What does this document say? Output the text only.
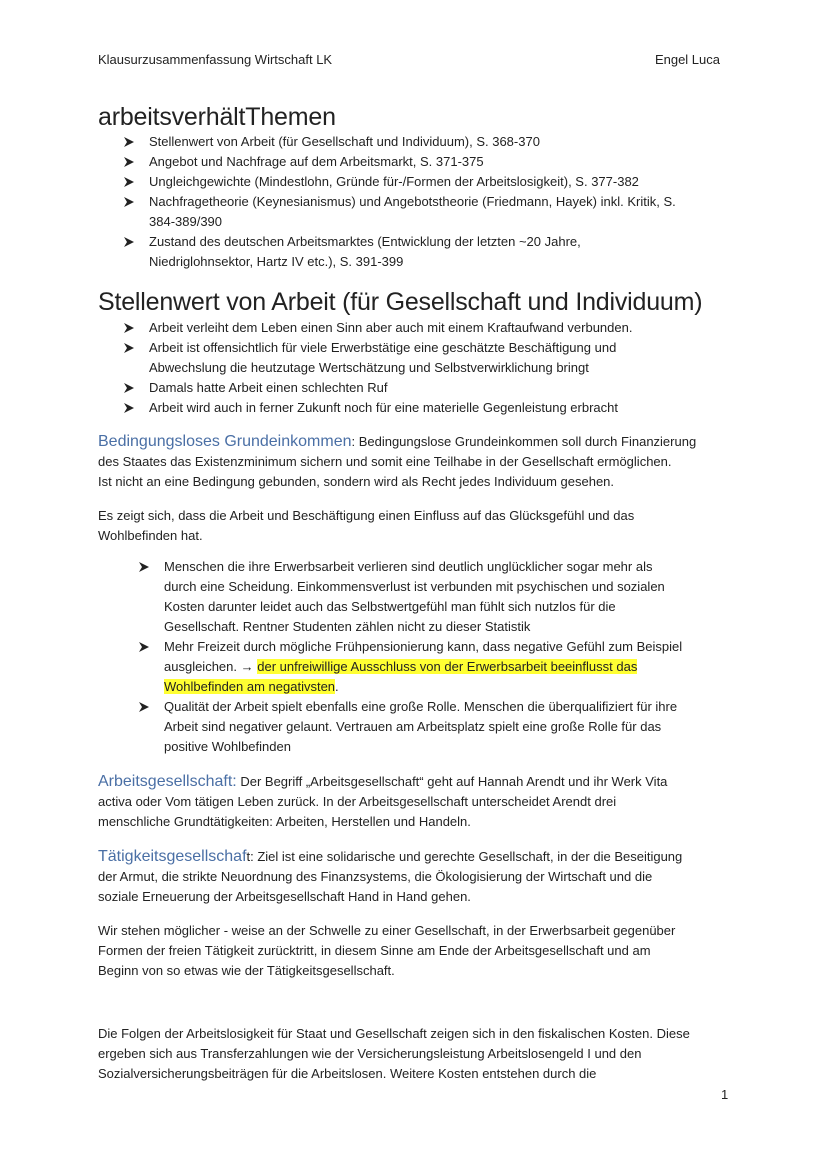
Klausurzusammenfassung Wirtschaft LK	Engel Luca
arbeitsverhältThemen
Stellenwert von Arbeit (für Gesellschaft und Individuum), S. 368-370
Angebot und Nachfrage auf dem Arbeitsmarkt, S. 371-375
Ungleichgewichte (Mindestlohn, Gründe für-/Formen der Arbeitslosigkeit), S. 377-382
Nachfragetheorie (Keynesianismus) und Angebotstheorie (Friedmann, Hayek) inkl. Kritik, S.
384-389/390
Zustand des deutschen Arbeitsmarktes (Entwicklung der letzten ~20 Jahre,
Niedriglohnsektor, Hartz IV etc.), S. 391-399
Stellenwert von Arbeit (für Gesellschaft und Individuum)
Arbeit verleiht dem Leben einen Sinn aber auch mit einem Kraftaufwand verbunden.
Arbeit ist offensichtlich für viele Erwerbstätige eine geschätzte Beschäftigung und
Abwechslung die heutzutage Wertschätzung und Selbstverwirklichung bringt
Damals hatte Arbeit einen schlechten Ruf
Arbeit wird auch in ferner Zukunft noch für eine materielle Gegenleistung erbracht

Bedingungsloses Grundeinkommen: Bedingungslose Grundeinkommen soll durch Finanzierung
des Staates das Existenzminimum sichern und somit eine Teilhabe in der Gesellschaft ermöglichen.
Ist nicht an eine Bedingung gebunden, sondern wird als Recht jedes Individuum gesehen.

Es zeigt sich, dass die Arbeit und Beschäftigung einen Einfluss auf das Glücksgefühl und das
Wohlbefinden hat.

Menschen die ihre Erwerbsarbeit verlieren sind deutlich unglücklicher sogar mehr als
durch eine Scheidung. Einkommensverlust ist verbunden mit psychischen und sozialen
Kosten darunter leidet auch das Selbstwertgefühl man fühlt sich nutzlos für die
Gesellschaft. Rentner Studenten zählen nicht zu dieser Statistik
Mehr Freizeit durch mögliche Frühpensionierung kann, dass negative Gefühl zum Beispiel
ausgleichen. → der unfreiwillige Ausschluss von der Erwerbsarbeit beeinflusst das
Wohlbefinden am negativsten.
Qualität der Arbeit spielt ebenfalls eine große Rolle. Menschen die überqualifiziert für ihre
Arbeit sind negativer gelaunt. Vertrauen am Arbeitsplatz spielt eine große Rolle für das
positive Wohlbefinden

Arbeitsgesellschaft: Der Begriff „Arbeitsgesellschaft“ geht auf Hannah Arendt und ihr Werk Vita
activa oder Vom tätigen Leben zurück. In der Arbeitsgesellschaft unterscheidet Arendt drei
menschliche Grundtätigkeiten: Arbeiten, Herstellen und Handeln.

Tätigkeitsgesellschaft: Ziel ist eine solidarische und gerechte Gesellschaft, in der die Beseitigung
der Armut, die strikte Neuordnung des Finanzsystems, die Ökologisierung der Wirtschaft und die
soziale Erneuerung der Arbeitsgesellschaft Hand in Hand gehen.

Wir stehen möglicher - weise an der Schwelle zu einer Gesellschaft, in der Erwerbsarbeit gegenüber
Formen der freien Tätigkeit zurücktritt, in diesem Sinne am Ende der Arbeitsgesellschaft und am
Beginn von so etwas wie der Tätigkeitsgesellschaft.

Die Folgen der Arbeitslosigkeit für Staat und Gesellschaft zeigen sich in den fiskalischen Kosten. Diese
ergeben sich aus Transferzahlungen wie der Versicherungsleistung Arbeitslosengeld I und den
Sozialversicherungsbeiträgen für die Arbeitslosen. Weitere Kosten entstehen durch die

1
